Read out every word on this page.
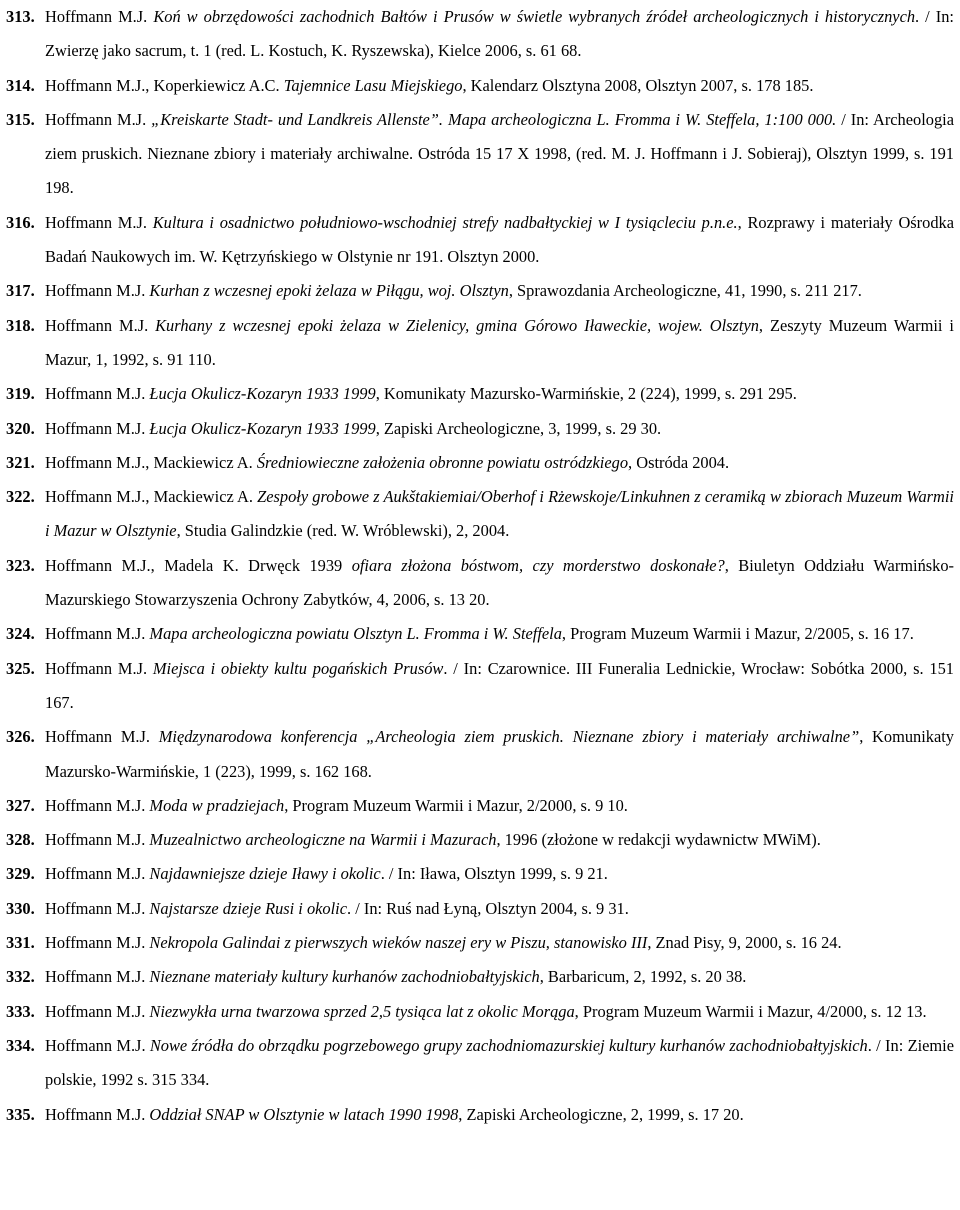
313. Hoffmann M.J. Koń w obrzędowości zachodnich Bałtów i Prusów w świetle wybranych źródeł archeologicznych i historycznych. / In: Zwierzę jako sacrum, t. 1 (red. L. Kostuch, K. Ryszewska), Kielce 2006, s. 61 68.

314. Hoffmann M.J., Koperkiewicz A.C. Tajemnice Lasu Miejskiego, Kalendarz Olsztyna 2008, Olsztyn 2007, s. 178 185.

315. Hoffmann M.J. „Kreiskarte Stadt- und Landkreis Allenste”. Mapa archeologiczna L. Fromma i W. Steffela, 1:100 000. / In: Archeologia ziem pruskich. Nieznane zbiory i materiały archiwalne. Ostróda 15 17 X 1998, (red. M. J. Hoffmann i J. Sobieraj), Olsztyn 1999, s. 191 198.

316. Hoffmann M.J. Kultura i osadnictwo południowo-wschodniej strefy nadbałtyckiej w I tysiącleciu p.n.e., Rozprawy i materiały Ośrodka Badań Naukowych im. W. Kętrzyńskiego w Olstynie nr 191. Olsztyn 2000.

317. Hoffmann M.J. Kurhan z wczesnej epoki żelaza w Piłągu, woj. Olsztyn, Sprawozdania Archeologiczne, 41, 1990, s. 211 217.

318. Hoffmann M.J. Kurhany z wczesnej epoki żelaza w Zielenicy, gmina Górowo Iławeckie, wojew. Olsztyn, Zeszyty Muzeum Warmii i Mazur, 1, 1992, s. 91 110.

319. Hoffmann M.J. Łucja Okulicz-Kozaryn 1933 1999, Komunikaty Mazursko-Warmińskie, 2 (224), 1999, s. 291 295.

320. Hoffmann M.J. Łucja Okulicz-Kozaryn 1933 1999, Zapiski Archeologiczne, 3, 1999, s. 29 30.

321. Hoffmann M.J., Mackiewicz A. Średniowieczne założenia obronne powiatu ostródzkiego, Ostróda 2004.

322. Hoffmann M.J., Mackiewicz A. Zespoły grobowe z Aukštakiemiai/Oberhof i Rżewskoje/Linkuhnen z ceramiką w zbiorach Muzeum Warmii i Mazur w Olsztynie, Studia Galindzkie (red. W. Wróblewski), 2, 2004.

323. Hoffmann M.J., Madela K. Drwęck 1939 ofiara złożona bóstwom, czy morderstwo doskonałe?, Biuletyn Oddziału Warmińsko-Mazurskiego Stowarzyszenia Ochrony Zabytków, 4, 2006, s. 13 20.

324. Hoffmann M.J. Mapa archeologiczna powiatu Olsztyn L. Fromma i W. Steffela, Program Muzeum Warmii i Mazur, 2/2005, s. 16 17.

325. Hoffmann M.J. Miejsca i obiekty kultu pogańskich Prusów. / In: Czarownice. III Funeralia Lednickie, Wrocław: Sobótka 2000, s. 151 167.

326. Hoffmann M.J. Międzynarodowa konferencja „Archeologia ziem pruskich. Nieznane zbiory i materiały archiwalne”, Komunikaty Mazursko-Warmińskie, 1 (223), 1999, s. 162 168.

327. Hoffmann M.J. Moda w pradziejach, Program Muzeum Warmii i Mazur, 2/2000, s. 9 10.

328. Hoffmann M.J. Muzealnictwo archeologiczne na Warmii i Mazurach, 1996 (złożone w redakcji wydawnictw MWiM).

329. Hoffmann M.J. Najdawniejsze dzieje Iławy i okolic. / In: Iława, Olsztyn 1999, s. 9 21.

330. Hoffmann M.J. Najstarsze dzieje Rusi i okolic. / In: Ruś nad Łyną, Olsztyn 2004, s. 9 31.

331. Hoffmann M.J. Nekropola Galindai z pierwszych wieków naszej ery w Piszu, stanowisko III, Znad Pisy, 9, 2000, s. 16 24.

332. Hoffmann M.J. Nieznane materiały kultury kurhanów zachodniobałtyjskich, Barbaricum, 2, 1992, s. 20 38.

333. Hoffmann M.J. Niezwykła urna twarzowa sprzed 2,5 tysiąca lat z okolic Morąga, Program Muzeum Warmii i Mazur, 4/2000, s. 12 13.

334. Hoffmann M.J. Nowe źródła do obrządku pogrzebowego grupy zachodniomazurskiej kultury kurhanów zachodniobałtyjskich. / In: Ziemie polskie, 1992 s. 315 334.

335. Hoffmann M.J. Oddział SNAP w Olsztynie w latach 1990 1998, Zapiski Archeologiczne, 2, 1999, s. 17 20.
